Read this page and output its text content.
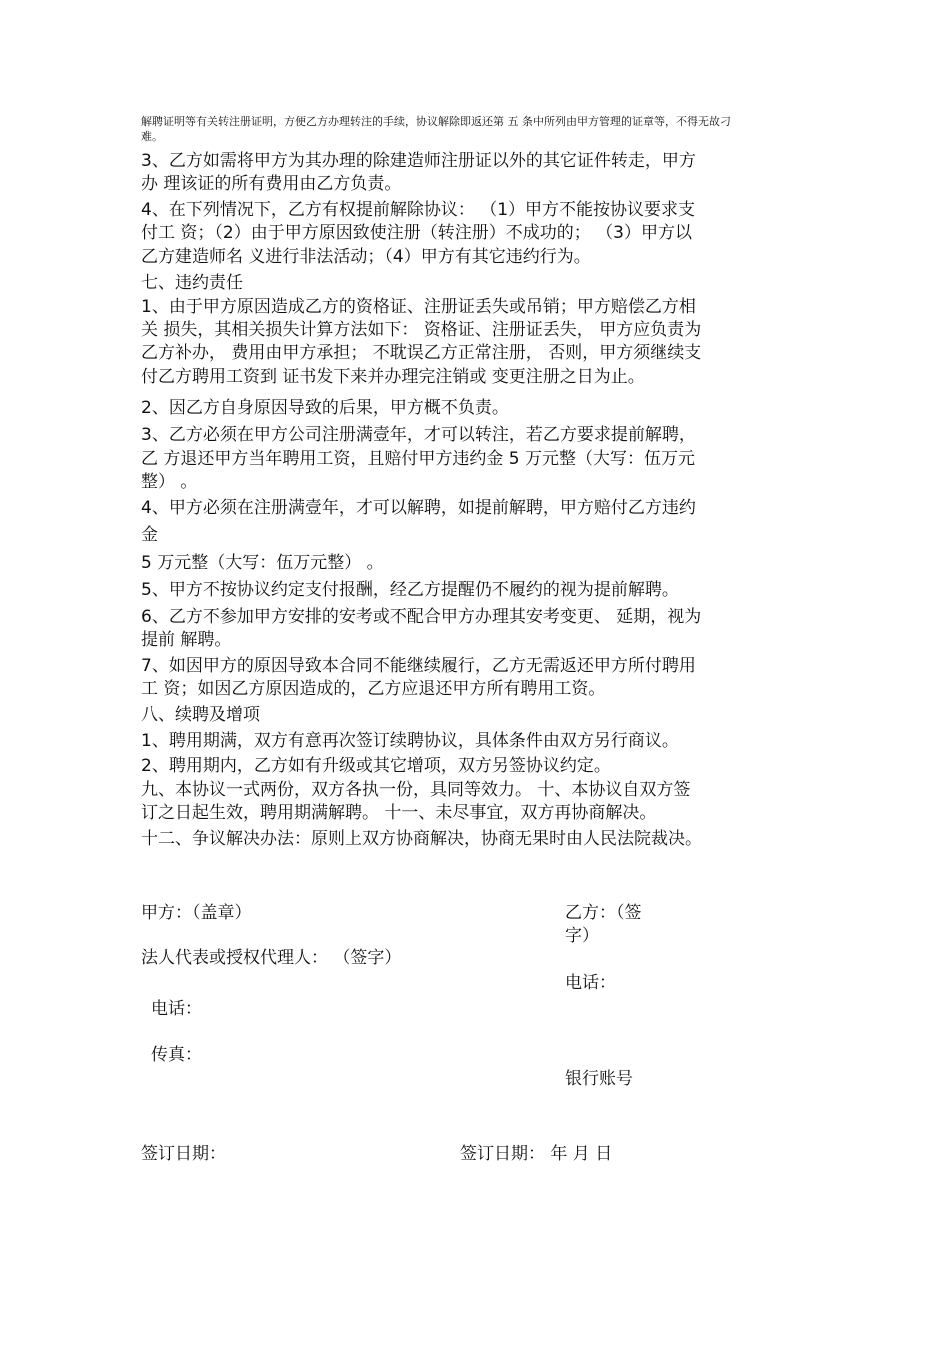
解聘证明等有关转注册证明，方便乙方办理转注的手续，协议解除即返还第 五 条中所列由甲方管理的证章等，不得无故刁
难。
3、乙方如需将甲方为其办理的除建造师注册证以外的其它证件转走，甲方
办 理该证的所有费用由乙方负责。
4、在下列情况下，乙方有权提前解除协议： （1）甲方不能按协议要求支
付工 资；（2）由于甲方原因致使注册（转注册）不成功的； （3）甲方以
乙方建造师名 义进行非法活动；（4）甲方有其它违约行为。
七、违约责任
1、由于甲方原因造成乙方的资格证、注册证丢失或吊销；甲方赔偿乙方相
关 损失，其相关损失计算方法如下： 资格证、注册证丢失， 甲方应负责为
乙方补办， 费用由甲方承担； 不耽误乙方正常注册， 否则，甲方须继续支
付乙方聘用工资到 证书发下来并办理完注销或 变更注册之日为止。
2、因乙方自身原因导致的后果，甲方概不负责。
3、乙方必须在甲方公司注册满壹年，才可以转注，若乙方要求提前解聘，
乙 方退还甲方当年聘用工资，且赔付甲方违约金 5 万元整（大写：伍万元
整） 。
4、甲方必须在注册满壹年，才可以解聘，如提前解聘，甲方赔付乙方违约
金
5 万元整（大写：伍万元整） 。
5、甲方不按协议约定支付报酬，经乙方提醒仍不履约的视为提前解聘。
6、乙方不参加甲方安排的安考或不配合甲方办理其安考变更、 延期，视为
提前 解聘。
7、如因甲方的原因导致本合同不能继续履行，乙方无需返还甲方所付聘用
工 资；如因乙方原因造成的，乙方应退还甲方所有聘用工资。
八、续聘及增项
1、聘用期满，双方有意再次签订续聘协议，具体条件由双方另行商议。
2、聘用期内，乙方如有升级或其它增项，双方另签协议约定。
九、本协议一式两份，双方各执一份，具同等效力。 十、本协议自双方签
订之日起生效，聘用期满解聘。 十一、未尽事宜，双方再协商解决。
十二、争议解决办法：原则上双方协商解决，协商无果时由人民法院裁决。
甲方：（盖章）	乙方：（签
字）
法人代表或授权代理人： （签字）
电话：
电话：
传真：
银行账号
签订日期：	签订日期： 年 月 日
